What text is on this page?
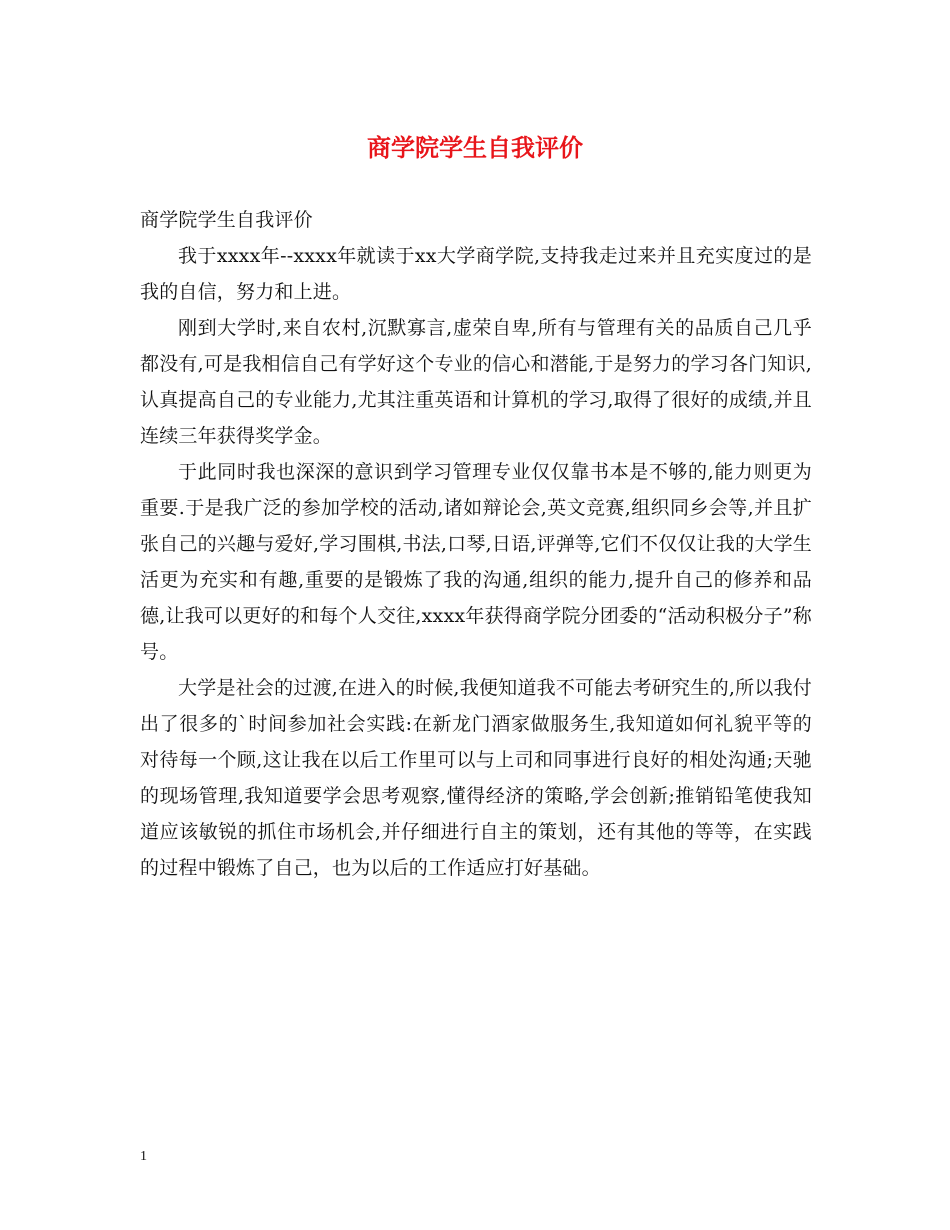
商学院学生自我评价

商学院学生自我评价

我于xxxx年--xxxx年就读于xx大学商学院,支持我走过来并且充实度过的是我的自信，努力和上进。

刚到大学时,来自农村,沉默寡言,虚荣自卑,所有与管理有关的品质自己几乎都没有,可是我相信自己有学好这个专业的信心和潜能,于是努力的学习各门知识,认真提高自己的专业能力,尤其注重英语和计算机的学习,取得了很好的成绩,并且连续三年获得奖学金。

于此同时我也深深的意识到学习管理专业仅仅靠书本是不够的,能力则更为重要.于是我广泛的参加学校的活动,诸如辩论会,英文竞赛,组织同乡会等,并且扩张自己的兴趣与爱好,学习围棋,书法,口琴,日语,评弹等,它们不仅仅让我的大学生活更为充实和有趣,重要的是锻炼了我的沟通,组织的能力,提升自己的修养和品德,让我可以更好的和每个人交往,xxxx年获得商学院分团委的“活动积极分子”称号。

大学是社会的过渡,在进入的时候,我便知道我不可能去考研究生的,所以我付出了很多的`时间参加社会实践:在新龙门酒家做服务生,我知道如何礼貌平等的对待每一个顾,这让我在以后工作里可以与上司和同事进行良好的相处沟通;天驰的现场管理,我知道要学会思考观察,懂得经济的策略,学会创新;推销铅笔使我知道应该敏锐的抓住市场机会,并仔细进行自主的策划，还有其他的等等，在实践的过程中锻炼了自己，也为以后的工作适应打好基础。

1
